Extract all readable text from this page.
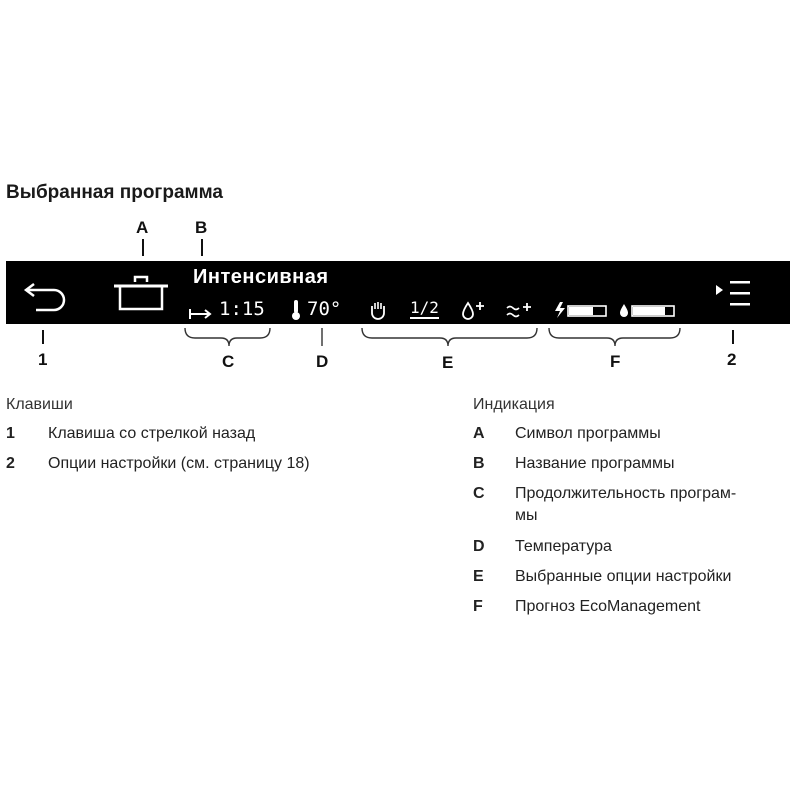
Выбранная программа
A	B
Интенсивная
1:15 70°	1/2
1	C	D	E	F	2
Клавиши
1 Клавиша со стрелкой назад
2 Опции настройки (см. страницу 18)
Индикация
A Символ программы
B Название программы
C Продолжительность програм-
мы
D Температура
E Выбранные опции настройки
F Прогноз EcoManagement
